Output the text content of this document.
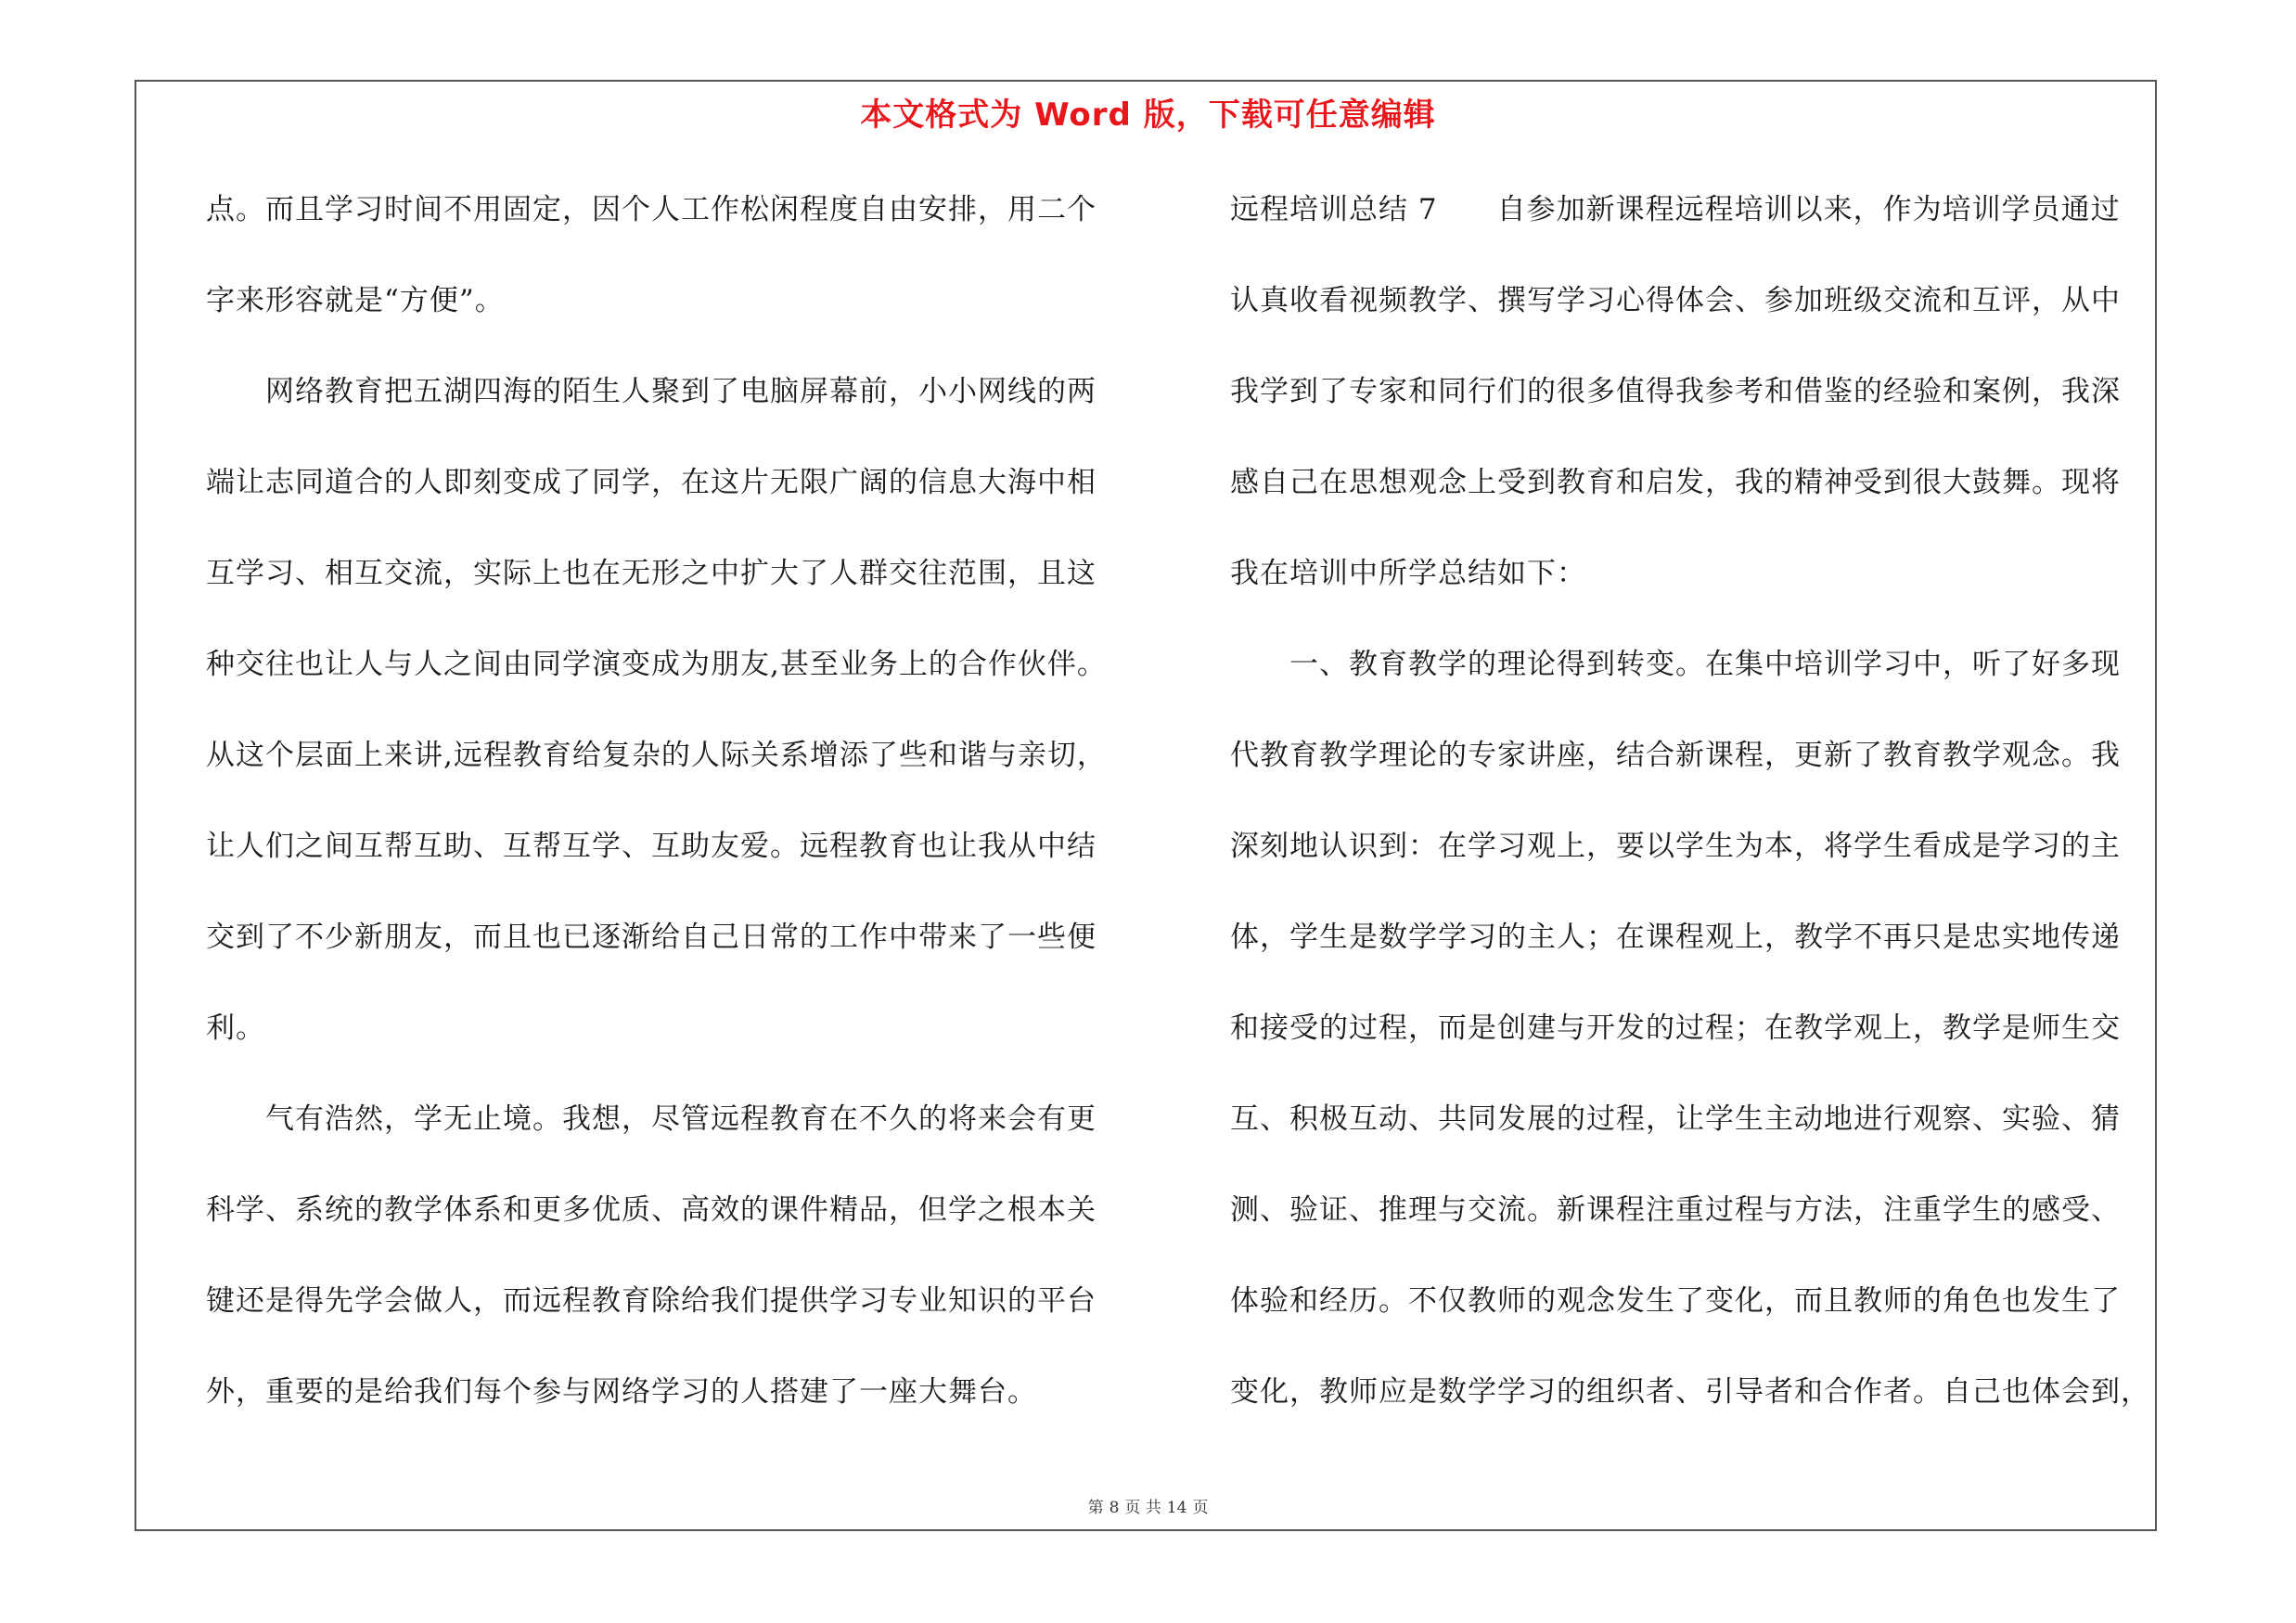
本文格式为 Word 版，下载可任意编辑
点。而且学习时间不用固定，因个人工作松闲程度自由安排，用二个
字来形容就是“方便”。
　　网络教育把五湖四海的陌生人聚到了电脑屏幕前，小小网线的两
端让志同道合的人即刻变成了同学，在这片无限广阔的信息大海中相
互学习、相互交流，实际上也在无形之中扩大了人群交往范围，且这
种交往也让人与人之间由同学演变成为朋友,甚至业务上的合作伙伴。
从这个层面上来讲,远程教育给复杂的人际关系增添了些和谐与亲切，
让人们之间互帮互助、互帮互学、互助友爱。远程教育也让我从中结
交到了不少新朋友，而且也已逐渐给自己日常的工作中带来了一些便
利。
　　气有浩然，学无止境。我想，尽管远程教育在不久的将来会有更
科学、系统的教学体系和更多优质、高效的课件精品，但学之根本关
键还是得先学会做人，而远程教育除给我们提供学习专业知识的平台
外，重要的是给我们每个参与网络学习的人搭建了一座大舞台。
远程培训总结 7　　自参加新课程远程培训以来，作为培训学员通过
认真收看视频教学、撰写学习心得体会、参加班级交流和互评，从中
我学到了专家和同行们的很多值得我参考和借鉴的经验和案例，我深
感自己在思想观念上受到教育和启发，我的精神受到很大鼓舞。现将
我在培训中所学总结如下：
　　一、教育教学的理论得到转变。在集中培训学习中，听了好多现
代教育教学理论的专家讲座，结合新课程，更新了教育教学观念。我
深刻地认识到：在学习观上，要以学生为本，将学生看成是学习的主
体，学生是数学学习的主人；在课程观上，教学不再只是忠实地传递
和接受的过程，而是创建与开发的过程；在教学观上，教学是师生交
互、积极互动、共同发展的过程，让学生主动地进行观察、实验、猜
测、验证、推理与交流。新课程注重过程与方法，注重学生的感受、
体验和经历。不仅教师的观念发生了变化，而且教师的角色也发生了
变化，教师应是数学学习的组织者、引导者和合作者。自己也体会到，
第 8 页 共 14 页
